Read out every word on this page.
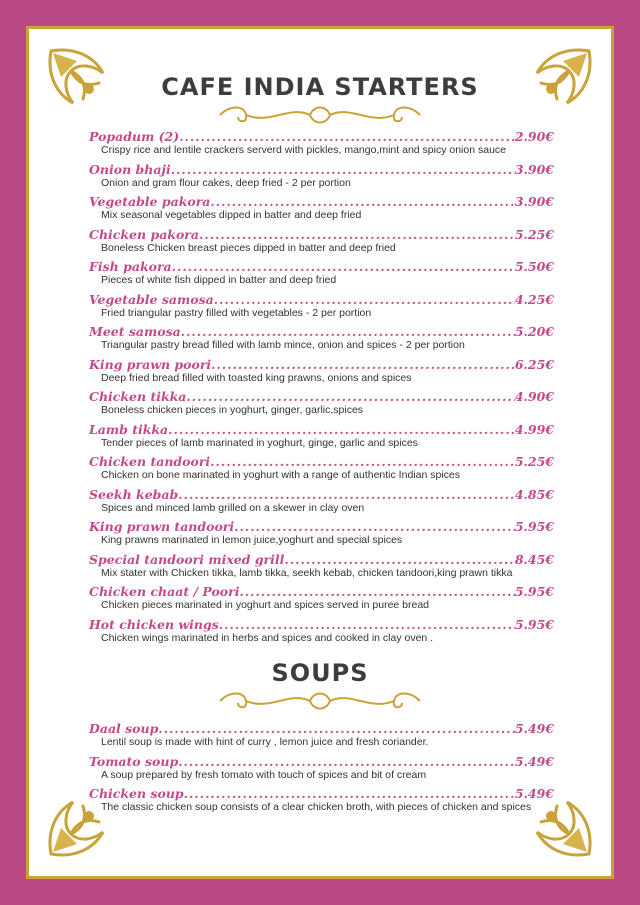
CAFE INDIA STARTERS
Popadum (2) .....	2.90€
Crispy rice and lentile crackers serverd with pickles, mango,mint and spicy onion sauce
Onion bhaji .....	3.90€
Onion and gram flour cakes, deep fried - 2 per portion
Vegetable pakora .....	3.90€
Mix seasonal vegetables dipped in batter and deep fried
Chicken pakora .....	5.25€
Boneless Chicken breast pieces dipped in batter and deep fried
Fish pakora .....	5.50€
Pieces of white fish dipped in batter and deep fried
Vegetable samosa .....	4.25€
Fried triangular pastry filled with vegetables - 2 per portion
Meet samosa .....	5.20€
Triangular pastry bread filled with lamb mince, onion and spices - 2 per portion
King prawn poori .....	6.25€
Deep fried bread filled with toasted king prawns, onions and spices
Chicken tikka .....	4.90€
Boneless chicken pieces in yoghurt, ginger, garlic,spices
Lamb tikka .....	4.99€
Tender pieces of lamb marinated in yoghurt, ginge, garlic and spices
Chicken tandoori .....	5.25€
Chicken on bone marinated in yoghurt with a range of authentic Indian spices
Seekh kebab .....	4.85€
Spices and minced lamb grilled on a skewer in clay oven
King prawn tandoori .....	5.95€
King prawns marinated in lemon juice,yoghurt and special spices
Special tandoori mixed grill .....	8.45€
Mix stater with Chicken tikka, lamb tikka, seekh kebab, chicken tandoori,king prawn tikka
Chicken chaat / Poori .....	5.95€
Chicken pieces marinated in yoghurt and spices served in puree bread
Hot chicken wings .....	5.95€
Chicken wings marinated in herbs and spices and cooked in clay oven .
SOUPS
Daal soup .....	5.49€
Lentil soup is made with hint of curry , lemon juice and fresh coriander.
Tomato soup .....	5.49€
A soup prepared by fresh tomato with touch of spices and bit of cream
Chicken soup .....	5.49€
The classic chicken soup consists of a clear chicken broth, with pieces of chicken and spices
